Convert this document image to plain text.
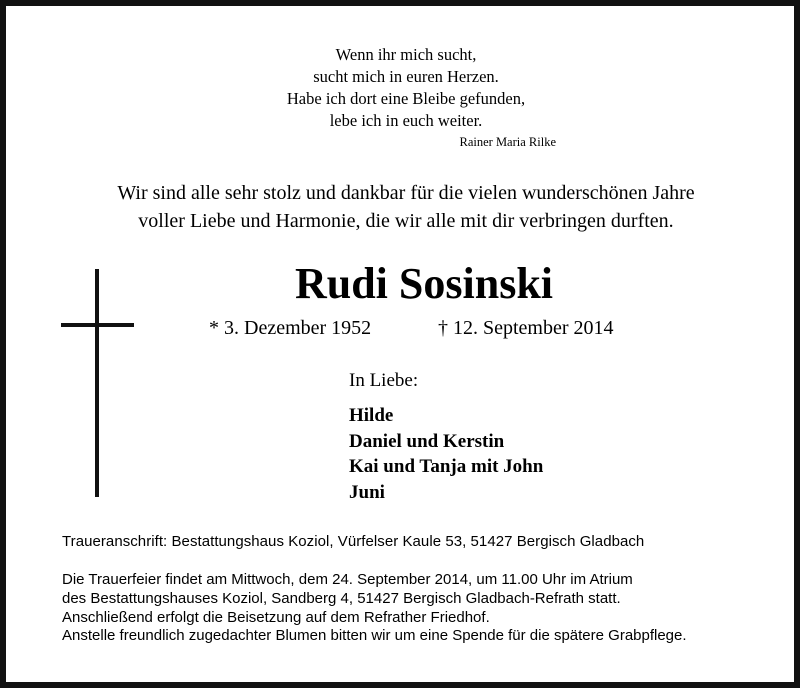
Wenn ihr mich sucht,
sucht mich in euren Herzen.
Habe ich dort eine Bleibe gefunden,
lebe ich in euch weiter.
Rainer Maria Rilke
Wir sind alle sehr stolz und dankbar für die vielen wunderschönen Jahre
voller Liebe und Harmonie, die wir alle mit dir verbringen durften.
Rudi Sosinski
* 3. Dezember 1952	† 12. September 2014
In Liebe:
Hilde
Daniel und Kerstin
Kai und Tanja mit John
Juni
Traueranschrift: Bestattungshaus Koziol, Vürfelser Kaule 53, 51427 Bergisch Gladbach
Die Trauerfeier findet am Mittwoch, dem 24. September 2014, um 11.00 Uhr im Atrium
des Bestattungshauses Koziol, Sandberg 4, 51427 Bergisch Gladbach-Refrath statt.
Anschließend erfolgt die Beisetzung auf dem Refrather Friedhof.
Anstelle freundlich zugedachter Blumen bitten wir um eine Spende für die spätere Grabpflege.
